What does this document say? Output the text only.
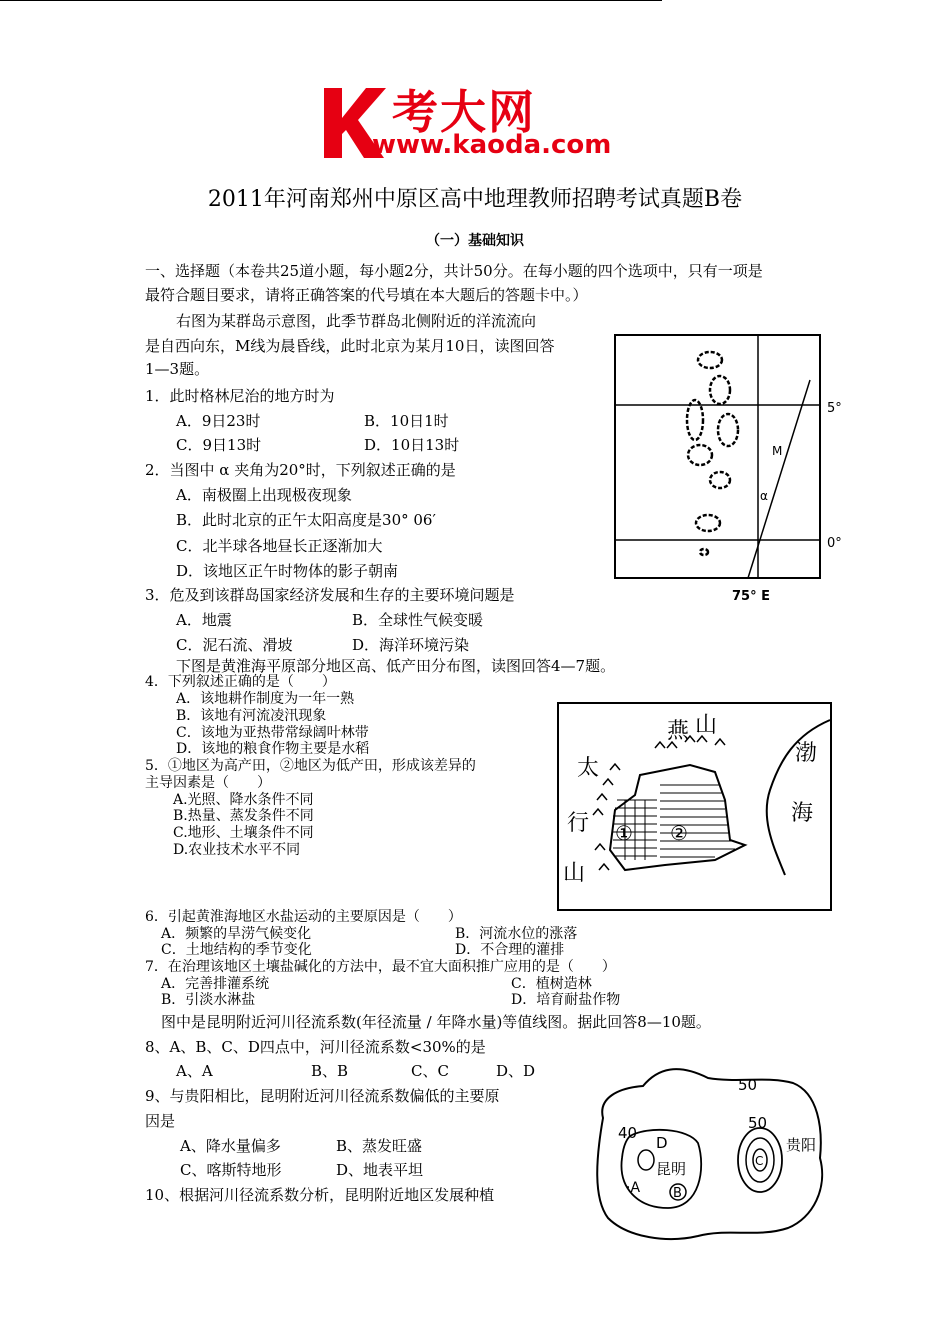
考大网
www.kaoda.com
2011年河南郑州中原区高中地理教师招聘考试真题B卷
（一）基础知识
一、选择题（本卷共25道小题，每小题2分，共计50分。在每小题的四个选项中，只有一项是
最符合题目要求，请将正确答案的代号填在本大题后的答题卡中。）
右图为某群岛示意图，此季节群岛北侧附近的洋流流向
是自西向东，M线为晨昏线，此时北京为某月10日，读图回答
1—3题。
1．此时格林尼治的地方时为
A．9日23时	B．10日1时
C．9日13时	D．10日13时
2．当图中 α 夹角为20°时，下列叙述正确的是
A．南极圈上出现极夜现象
B．此时北京的正午太阳高度是30° 06′
C．北半球各地昼长正逐渐加大
D．该地区正午时物体的影子朝南
3．危及到该群岛国家经济发展和生存的主要环境问题是
A．地震	B．全球性气候变暖
C．泥石流、滑坡	D．海洋环境污染
下图是黄淮海平原部分地区高、低产田分布图，读图回答4—7题。
4．下列叙述正确的是（　　）
A．该地耕作制度为一年一熟
B．该地有河流凌汛现象
C．该地为亚热带常绿阔叶林带
D．该地的粮食作物主要是水稻
5．①地区为高产田，②地区为低产田，形成该差异的
主导因素是（　　）
A.光照、降水条件不同
B.热量、蒸发条件不同
C.地形、土壤条件不同
D.农业技术水平不同
6．引起黄淮海地区水盐运动的主要原因是（　　）
A．频繁的旱涝气候变化	B．河流水位的涨落
C．土地结构的季节变化	D．不合理的灌排
7．在治理该地区土壤盐碱化的方法中，最不宜大面积推广应用的是（　　）
A．完善排灌系统	C．植树造林
B．引淡水淋盐	D．培育耐盐作物
图中是昆明附近河川径流系数(年径流量 / 年降水量)等值线图。据此回答8—10题。
8、A、B、C、D四点中，河川径流系数<30%的是
A、A	B、B	C、C	D、D
9、与贵阳相比，昆明附近河川径流系数偏低的主要原
因是
A、降水量偏多	B、蒸发旺盛
C、喀斯特地形	D、地表平坦
10、根据河川径流系数分析，昆明附近地区发展种植
5°
0°
75° E
M
α
燕 山
太
行
山
渤
海
① ②
50
50
40
D
昆明
B
·A
C
贵阳
